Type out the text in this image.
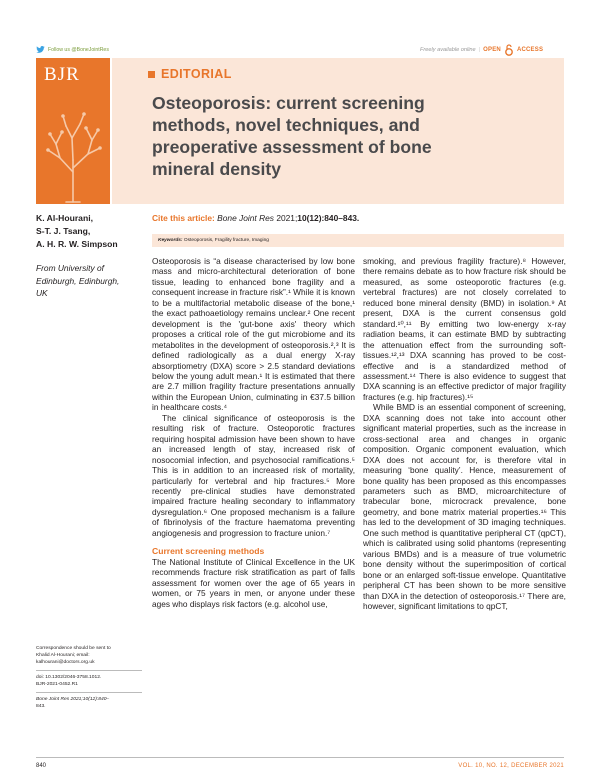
Follow us @BoneJointRes	Freely available online | OPEN	ACCESS
BJR	EDITORIAL
Osteoporosis: current screening
methods, novel techniques, and
preoperative assessment of bone
mineral density
K. Al-Hourani,
S-T. J. Tsang,
A. H. R. W. Simpson
From University of
Edinburgh, Edinburgh,
UK
Cite this article: Bone Joint Res 2021;10(12):840–843.
Keywords: Osteoporosis, Fragility fracture, Imaging

Osteoporosis is “a disease characterised by low bone mass and micro-architectural deterioration of bone tissue, leading to enhanced bone fragility and a consequent increase in fracture risk”.¹ While it is known to be a multifactorial metabolic disease of the bone,¹ the exact pathoaetiology remains unclear.² One recent development is the 'gut-bone axis' theory which proposes a critical role of the gut microbiome and its metabolites in the development of osteoporosis.²,³ It is defined radiologically as a dual energy X-ray absorptiometry (DXA) score > 2.5 standard deviations below the young adult mean.¹ It is estimated that there are 2.7 million fragility fracture presentations annually within the European Union, culminating in €37.5 billion in healthcare costs.⁴

The clinical significance of osteoporosis is the resulting risk of fracture. Osteoporotic fractures requiring hospital admission have been shown to have an increased length of stay, increased risk of nosocomial infection, and psychosocial ramifications.⁵ This is in addition to an increased risk of mortality, particularly for vertebral and hip fractures.⁵ More recently pre-clinical studies have demonstrated impaired fracture healing secondary to inflammatory dysregulation.⁶ One proposed mechanism is a failure of fibrinolysis of the fracture haematoma preventing angiogenesis and progression to fracture union.⁷

Current screening methods

The National Institute of Clinical Excellence in the UK recommends fracture risk stratification as part of falls assessment for women over the age of 65 years in women, or 75 years in men, or anyone under these ages who displays risk factors (e.g. alcohol use,

smoking, and previous fragility fracture).⁸ However, there remains debate as to how fracture risk should be measured, as some osteoporotic fractures (e.g. vertebral fractures) are not closely correlated to reduced bone mineral density (BMD) in isolation.⁹ At present, DXA is the current consensus gold standard.¹⁰,¹¹ By emitting two low-energy x-ray radiation beams, it can estimate BMD by subtracting the attenuation effect from the surrounding soft-tissues.¹²,¹³ DXA scanning has proved to be cost-effective and is a standardized method of assessment.¹⁴ There is also evidence to suggest that DXA scanning is an effective predictor of major fragility fractures (e.g. hip fractures).¹⁵

While BMD is an essential component of screening, DXA scanning does not take into account other significant material properties, such as the increase in cross-sectional area and changes in organic composition. Organic component evaluation, which DXA does not account for, is therefore vital in measuring ‘bone quality’. Hence, measurement of bone quality has been proposed as this encompasses parameters such as BMD, microarchitecture of trabecular bone, microcrack prevalence, bone geometry, and bone matrix material properties.¹⁶ This has led to the development of 3D imaging techniques. One such method is quantitative peripheral CT (qpCT), which is calibrated using solid phantoms (representing various BMDs) and is a measure of true volumetric bone density without the superimposition of cortical bone or an enlarged soft-tissue envelope. Quantitative peripheral CT has been shown to be more sensitive than DXA in the detection of osteoporosis.¹⁷ There are, however, significant limitations to qpCT,

Correspondence should be sent to
Khalid Al-Hourani; email:
kalhourani@doctors.org.uk
doi: 10.1302/2046-3758.1012.
BJR-2021-0452.R1
Bone Joint Res 2021;10(12):840–
843.
840	VOL. 10, NO. 12, DECEMBER 2021
